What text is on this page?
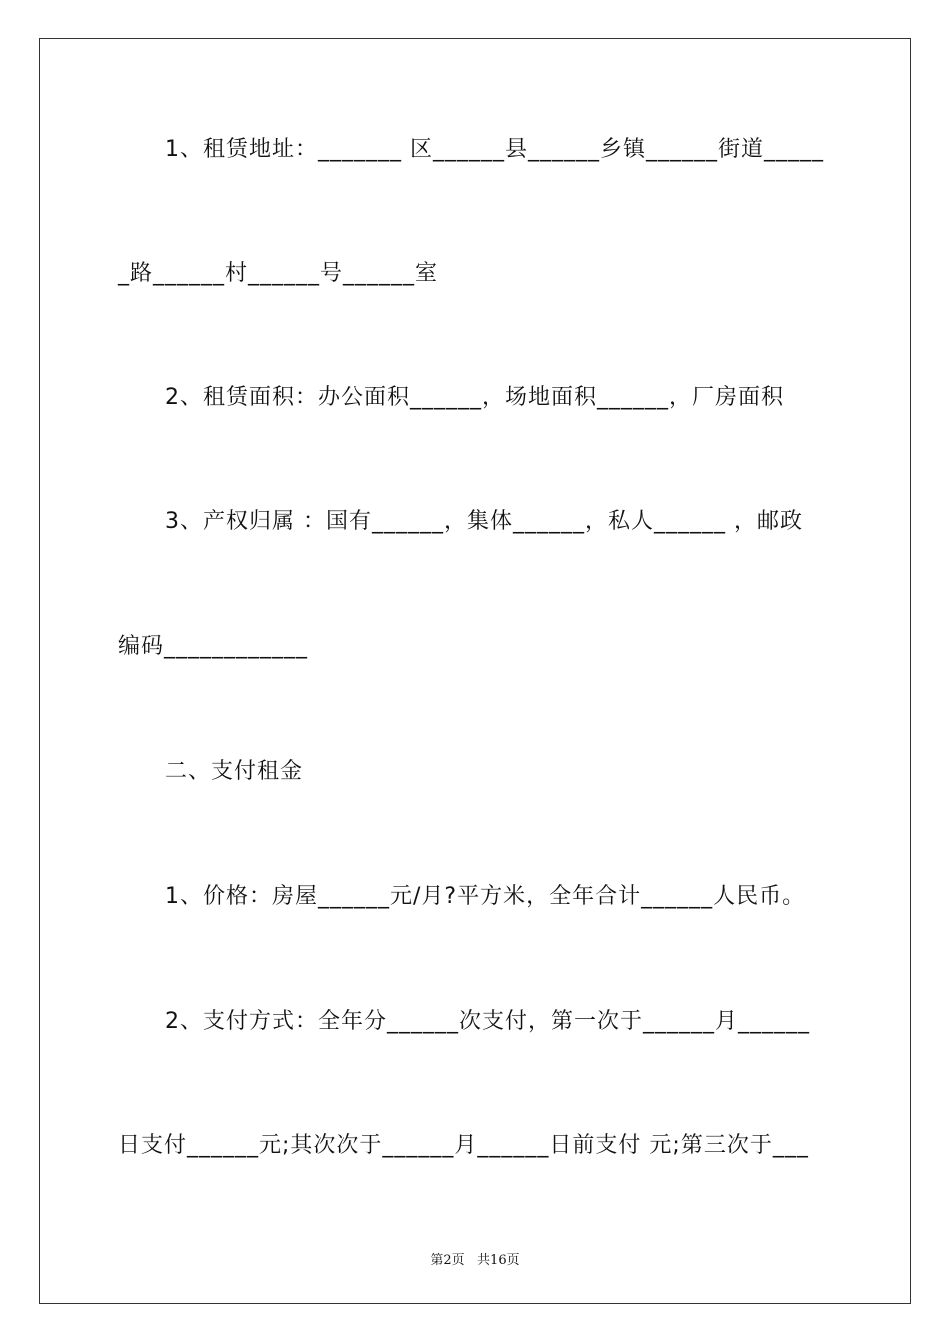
1、租赁地址：_______ 区______县______乡镇______街道_____
_路______村______号______室
2、租赁面积：办公面积______，场地面积______，厂房面积
3、产权归属 ：国有______，集体______，私人______ ，邮政
编码____________
二、支付租金
1、价格：房屋______元/月?平方米，全年合计______人民币。
2、支付方式：全年分______次支付，第一次于______月______
日支付______元;其次次于______月______日前支付 元;第三次于___
第2页   共16页
